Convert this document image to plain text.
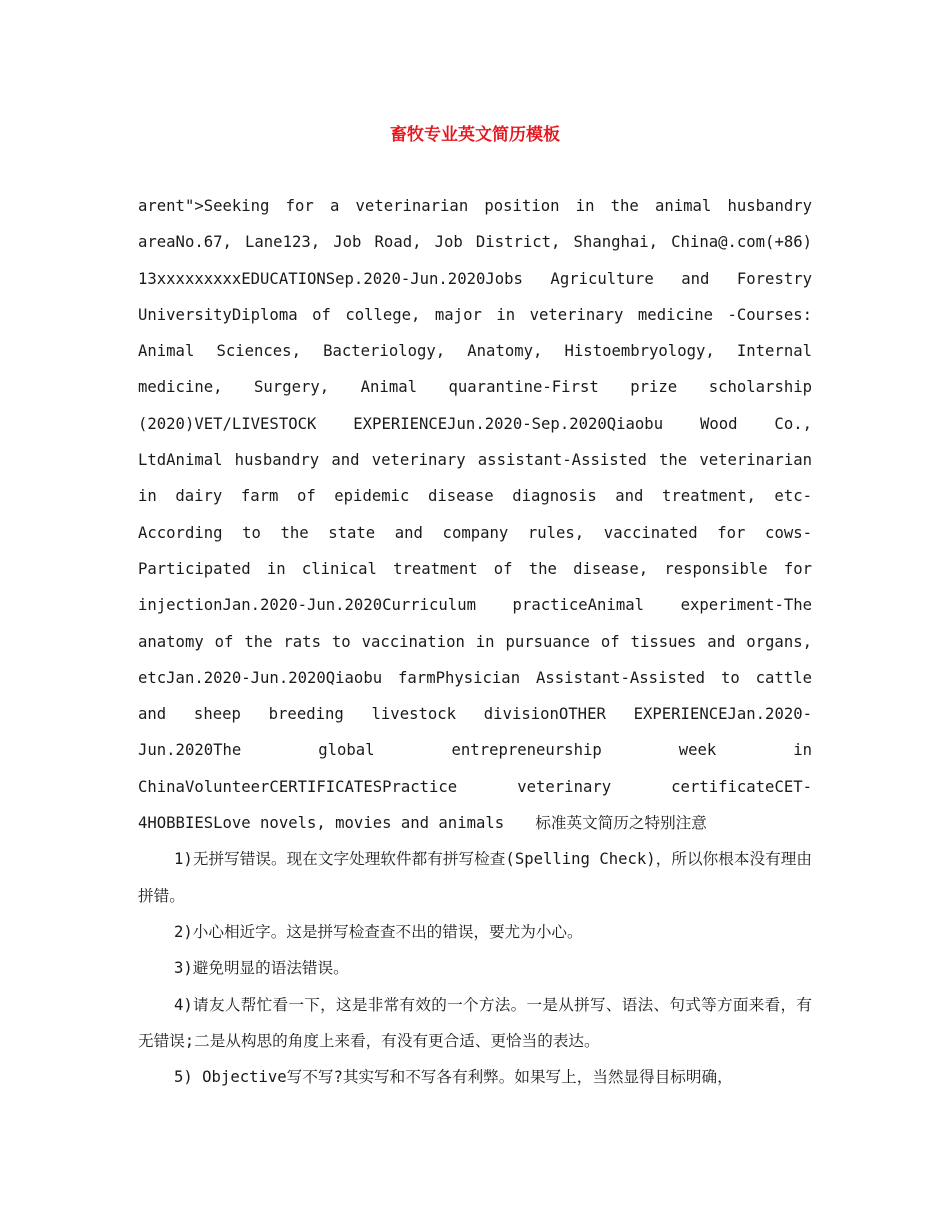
畜牧专业英文简历模板

arent">Seeking for a veterinarian position in the animal husbandry areaNo.67, Lane123, Job Road, Job District, Shanghai, China@.com(+86) 13xxxxxxxxxEDUCATIONSep.2020-Jun.2020Jobs Agriculture and Forestry UniversityDiploma of college, major in veterinary medicine -Courses: Animal Sciences, Bacteriology, Anatomy, Histoembryology, Internal medicine, Surgery, Animal quarantine-First prize scholarship (2020)VET/LIVESTOCK EXPERIENCEJun.2020-Sep.2020Qiaobu Wood Co., LtdAnimal husbandry and veterinary assistant-Assisted the veterinarian in dairy farm of epidemic disease diagnosis and treatment, etc-According to the state and company rules, vaccinated for cows-Participated in clinical treatment of the disease, responsible for injectionJan.2020-Jun.2020Curriculum practiceAnimal experiment-The anatomy of the rats to vaccination in pursuance of tissues and organs, etcJan.2020-Jun.2020Qiaobu farmPhysician Assistant-Assisted to cattle and sheep breeding livestock divisionOTHER EXPERIENCEJan.2020-Jun.2020The global entrepreneurship week in ChinaVolunteerCERTIFICATESPractice veterinary certificateCET-4HOBBIESLove novels, movies and animals　　标准英文简历之特别注意

1)无拼写错误。现在文字处理软件都有拼写检查(Spelling Check)，所以你根本没有理由拼错。

2)小心相近字。这是拼写检查查不出的错误，要尤为小心。

3)避免明显的语法错误。

4)请友人帮忙看一下，这是非常有效的一个方法。一是从拼写、语法、句式等方面来看，有无错误;二是从构思的角度上来看，有没有更合适、更恰当的表达。

5) Objective写不写?其实写和不写各有利弊。如果写上，当然显得目标明确，
